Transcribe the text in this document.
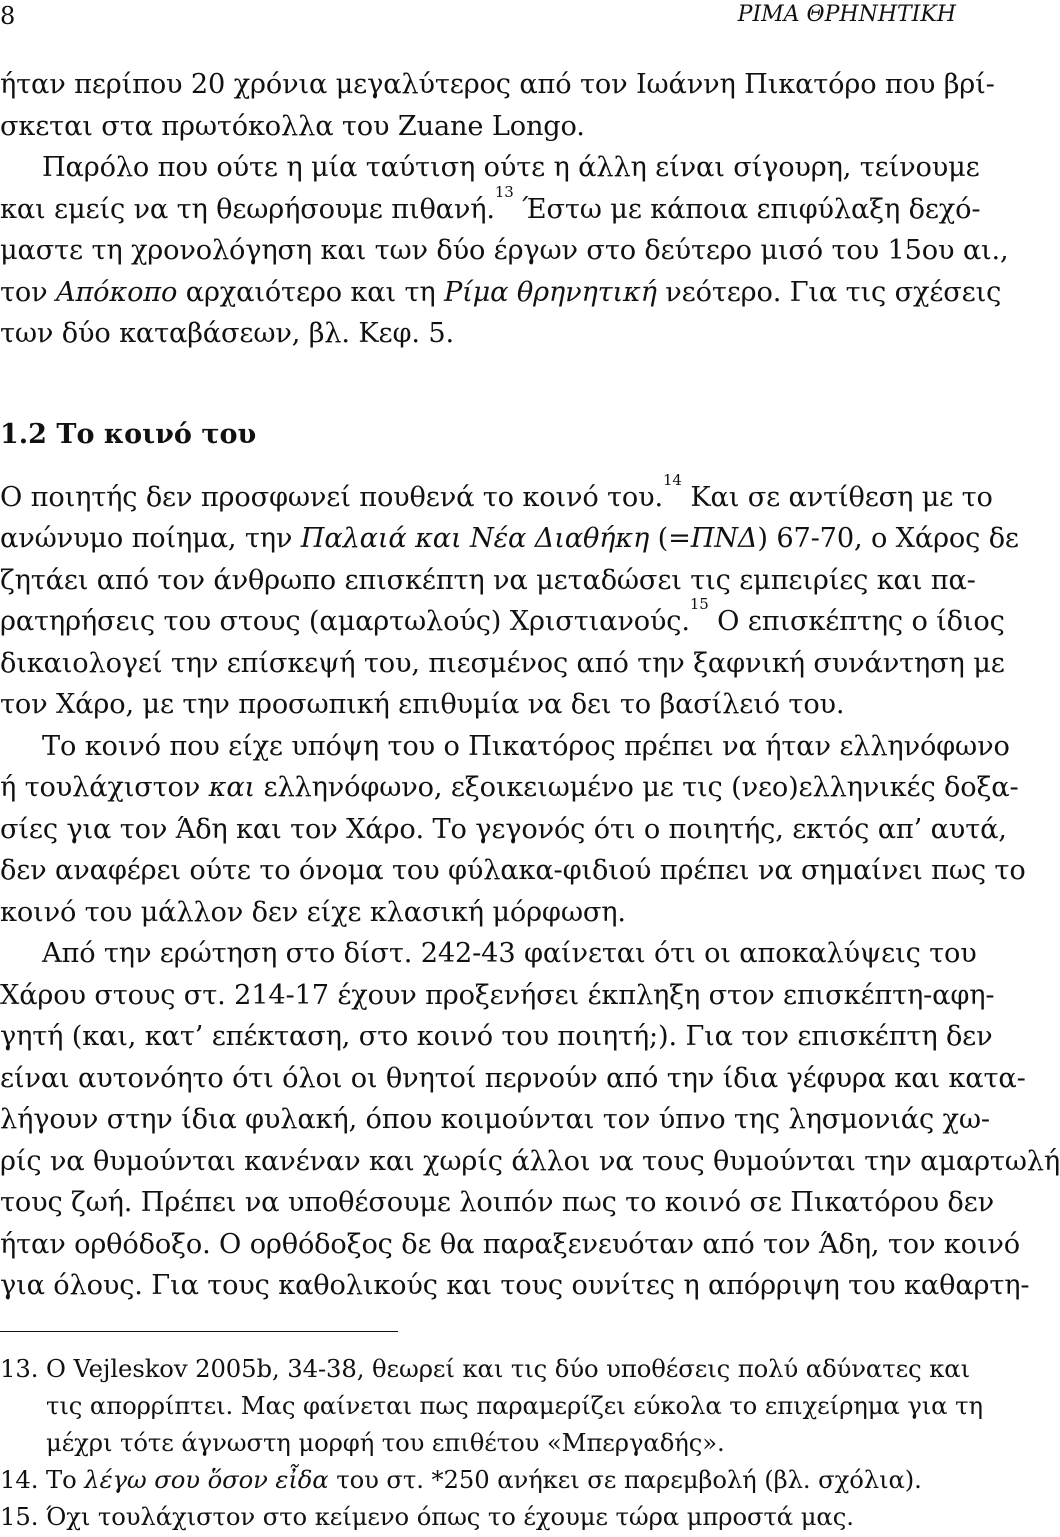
8	ΡΙΜΑ ΘΡΗΝΗΤΙΚΗ
ήταν περίπου 20 χρόνια μεγαλύτερος από τον Ιωάννη Πικατόρο που βρί-
σκεται στα πρωτόκολλα του Zuane Longo.
Παρόλο που ούτε η μία ταύτιση ούτε η άλλη είναι σίγουρη, τείνουμε
και εμείς να τη θεωρήσουμε πιθανή.$^{13}$ Έστω με κάποια επιφύλαξη δεχό-
μαστε τη χρονολόγηση και των δύο έργων στο δεύτερο μισό του 15ου αι.,
τον Απόκοπο αρχαιότερο και τη Ρίμα θρηνητική νεότερο. Για τις σχέσεις
των δύο καταβάσεων, βλ. Κεφ. 5.
1.2 Το κοινό του
Ο ποιητής δεν προσφωνεί πουθενά το κοινό του.$^{14}$ Και σε αντίθεση με το
ανώνυμο ποίημα, την Παλαιά και Νέα Διαθήκη (=ΠΝΔ) 67-70, ο Χάρος δε
ζητάει από τον άνθρωπο επισκέπτη να μεταδώσει τις εμπειρίες και πα-
ρατηρήσεις του στους (αμαρτωλούς) Χριστιανούς.$^{15}$ Ο επισκέπτης ο ίδιος
δικαιολογεί την επίσκεψή του, πιεσμένος από την ξαφνική συνάντηση με
τον Χάρο, με την προσωπική επιθυμία να δει το βασίλειό του.
Το κοινό που είχε υπόψη του ο Πικατόρος πρέπει να ήταν ελληνόφωνο
ή τουλάχιστον και ελληνόφωνο, εξοικειωμένο με τις (νεο)ελληνικές δοξα-
σίες για τον Άδη και τον Χάρο. Το γεγονός ότι ο ποιητής, εκτός απ’ αυτά,
δεν αναφέρει ούτε το όνομα του φύλακα-φιδιού πρέπει να σημαίνει πως το
κοινό του μάλλον δεν είχε κλασική μόρφωση.
Από την ερώτηση στο δίστ. 242-43 φαίνεται ότι οι αποκαλύψεις του
Χάρου στους στ. 214-17 έχουν προξενήσει έκπληξη στον επισκέπτη-αφη-
γητή (και, κατ’ επέκταση, στο κοινό του ποιητή;). Για τον επισκέπτη δεν
είναι αυτονόητο ότι όλοι οι θνητοί περνούν από την ίδια γέφυρα και κατα-
λήγουν στην ίδια φυλακή, όπου κοιμούνται τον ύπνο της λησμονιάς χω-
ρίς να θυμούνται κανέναν και χωρίς άλλοι να τους θυμούνται την αμαρτωλή
τους ζωή. Πρέπει να υποθέσουμε λοιπόν πως το κοινό σε Πικατόρου δεν
ήταν ορθόδοξο. Ο ορθόδοξος δε θα παραξενευόταν από τον Άδη, τον κοινό
για όλους. Για τους καθολικούς και τους ουνίτες η απόρριψη του καθαρτη-
13. Ο Vejleskov 2005b, 34-38, θεωρεί και τις δύο υποθέσεις πολύ αδύνατες και
τις απορρίπτει. Μας φαίνεται πως παραμερίζει εύκολα το επιχείρημα για τη
μέχρι τότε άγνωστη μορφή του επιθέτου «Μπεργαδής».
14. Το λέγω σου ὅσον εἶδα του στ. *250 ανήκει σε παρεμβολή (βλ. σχόλια).
15. Όχι τουλάχιστον στο κείμενο όπως το έχουμε τώρα μπροστά μας.
